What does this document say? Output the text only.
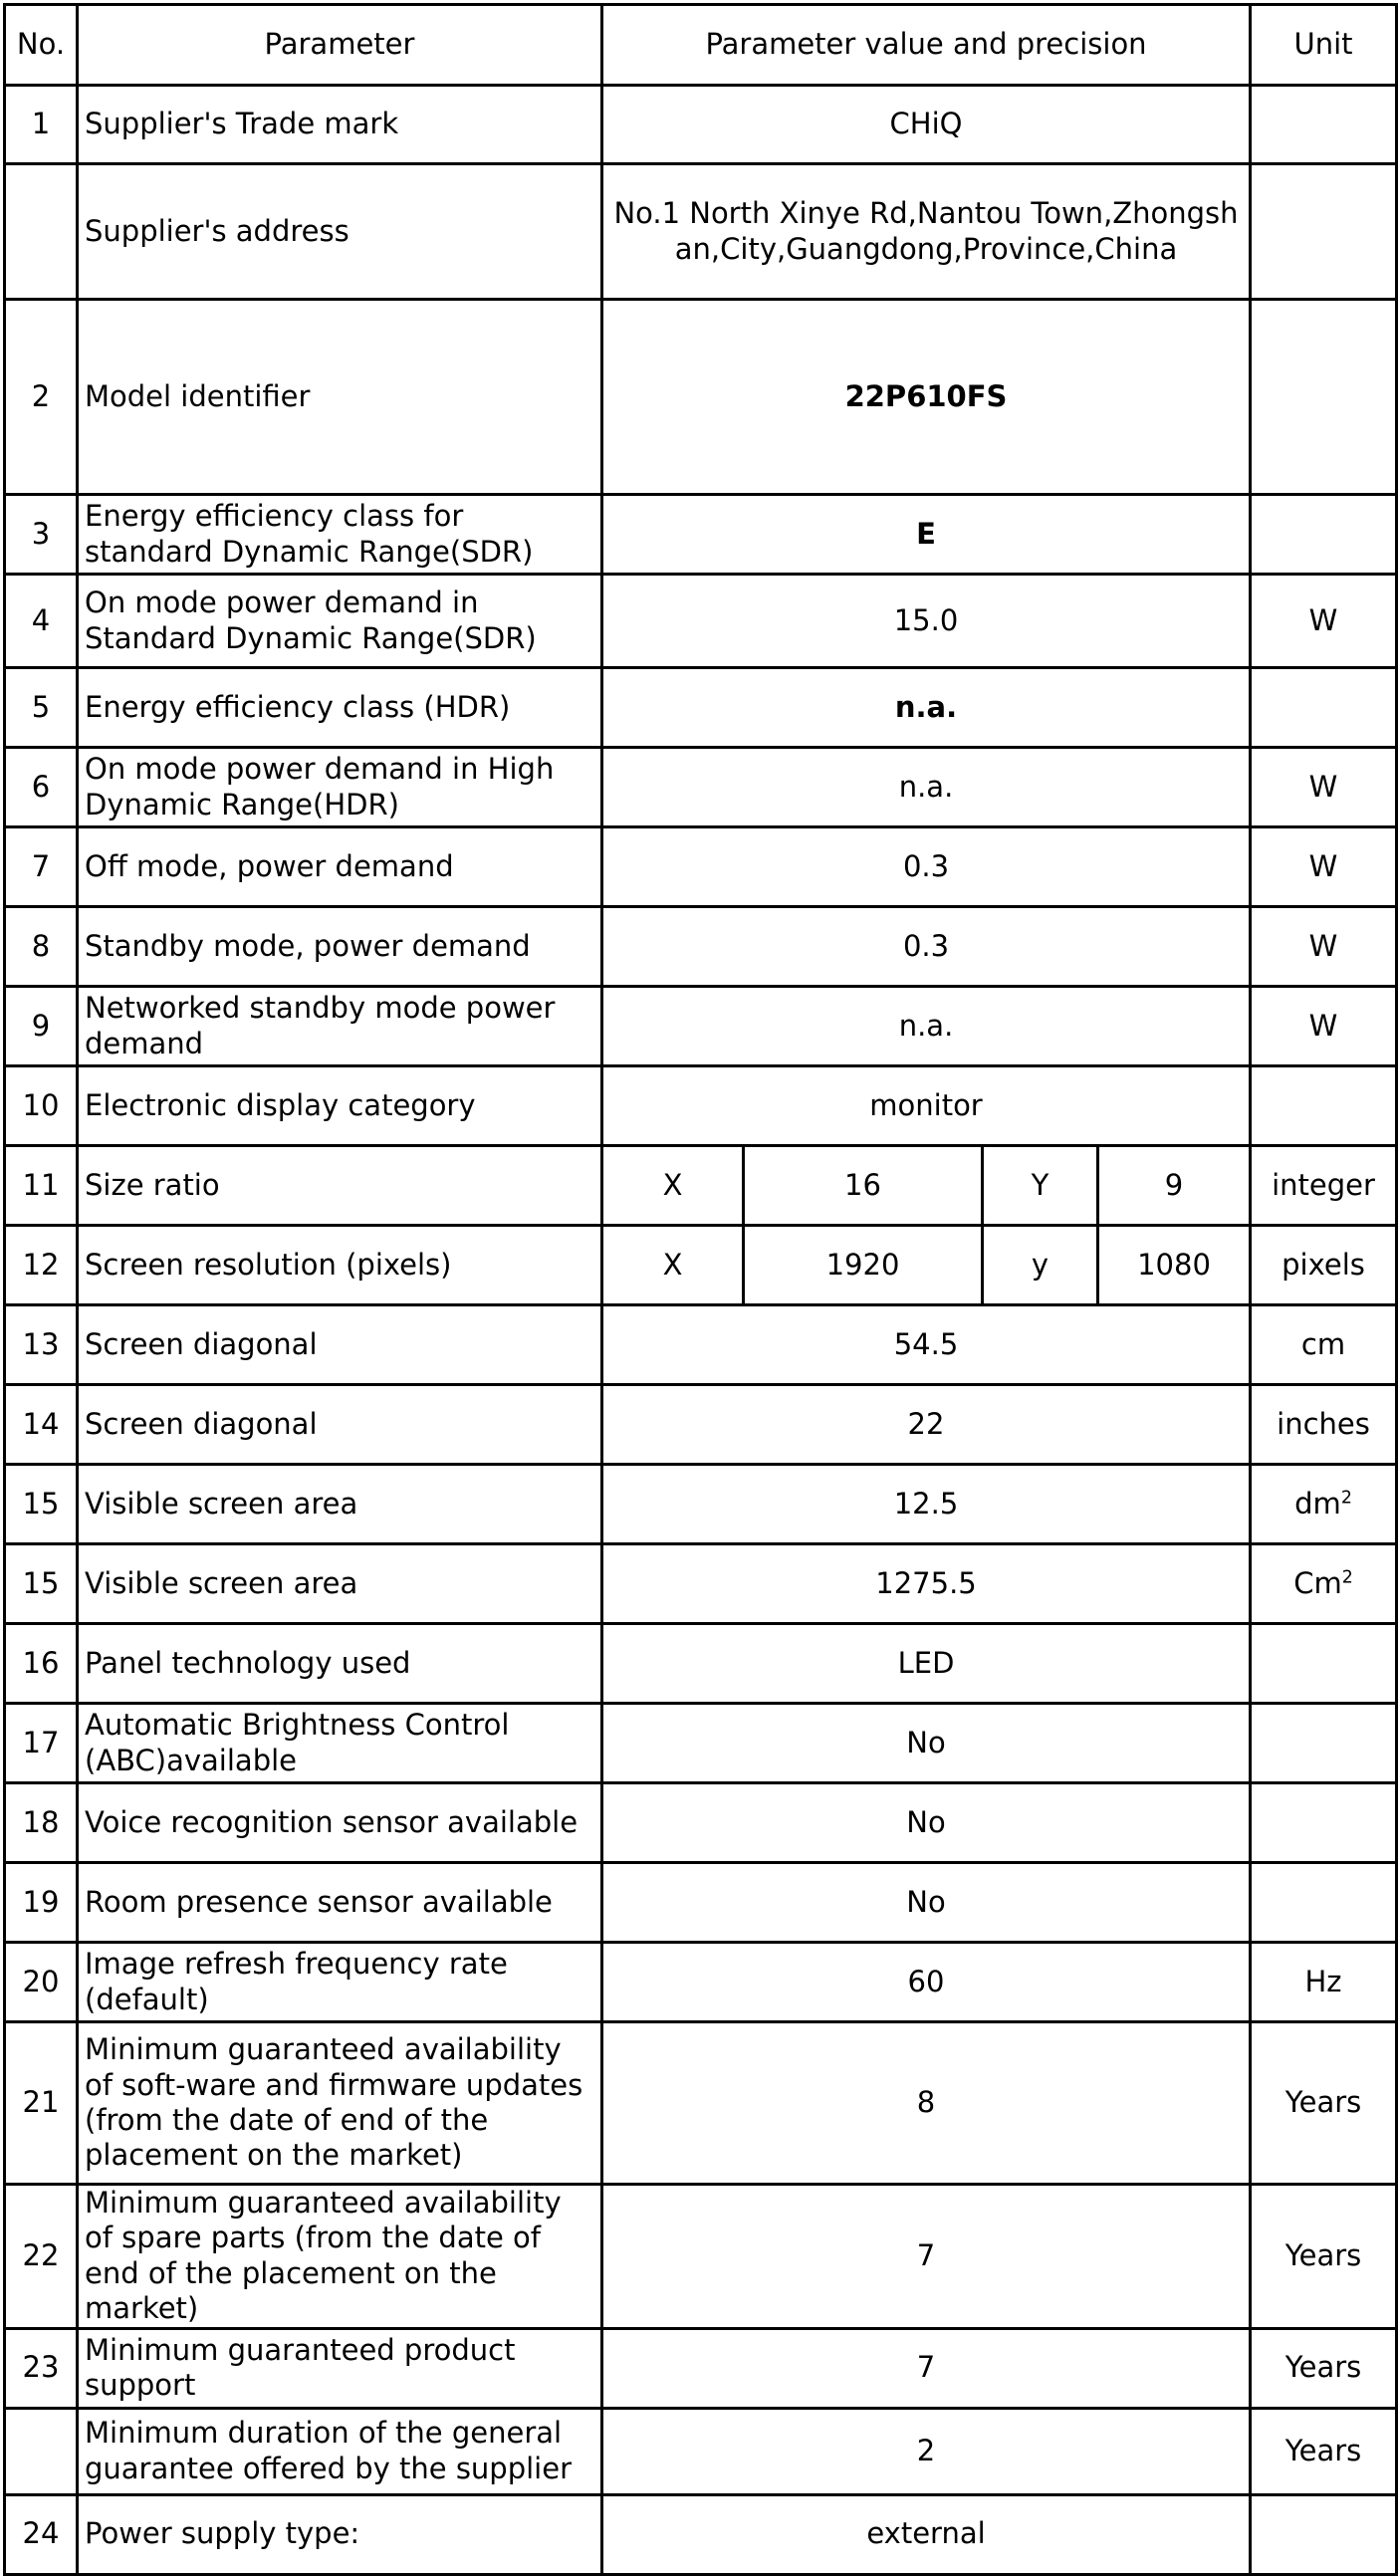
No.	Parameter	Parameter value and precision				Unit
1	Supplier's Trade mark	CHiQ				
	Supplier's address	No.1 North Xinye Rd,Nantou Town,Zhongshan,City,Guangdong,Province,China				
2	Model identifier	22P610FS				
3	Energy efficiency class for standard Dynamic Range(SDR)	E				
4	On mode power demand in Standard Dynamic Range(SDR)	15.0				W
5	Energy efficiency class (HDR)	n.a.				
6	On mode power demand in High Dynamic Range(HDR)	n.a.				W
7	Off mode, power demand	0.3				W
8	Standby mode, power demand	0.3				W
9	Networked standby mode power demand	n.a.				W
10	Electronic display category	monitor				
11	Size ratio	X	16	Y	9	integer
12	Screen resolution (pixels)	X	1920	y	1080	pixels
13	Screen diagonal	54.5				cm
14	Screen diagonal	22				inches
15	Visible screen area	12.5				$dm^2$
15	Visible screen area	1275.5				Cm$^2$
16	Panel technology used	LED				
17	Automatic Brightness Control (ABC)available	No				
18	Voice recognition sensor available	No				
19	Room presence sensor available	No				
20	Image refresh frequency rate (default)	60				Hz
21	Minimum guaranteed availability of soft-ware and firmware updates (from the date of end of the placement on the market)	8				Years
22	Minimum guaranteed availability of spare parts (from the date of end of the placement on the market)	7				Years
23	Minimum guaranteed product support	7				Years
	Minimum duration of the general guarantee offered by the supplier	2				Years
24	Power supply type:	external				
